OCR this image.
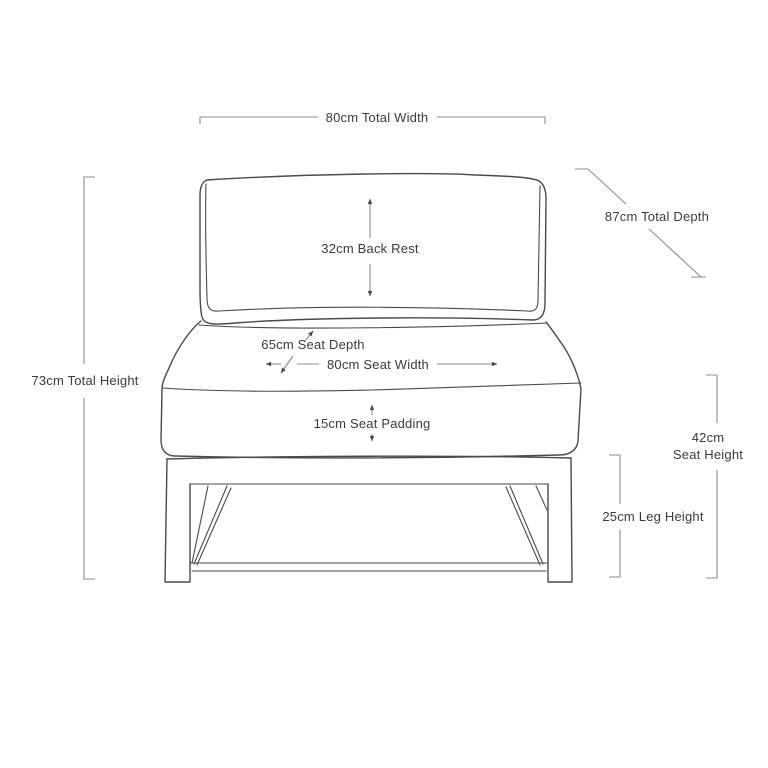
80cm Total Width
87cm Total Depth
32cm Back Rest
65cm Seat Depth
80cm Seat Width
15cm Seat Padding
73cm Total Height
42cm
Seat Height
25cm Leg Height
